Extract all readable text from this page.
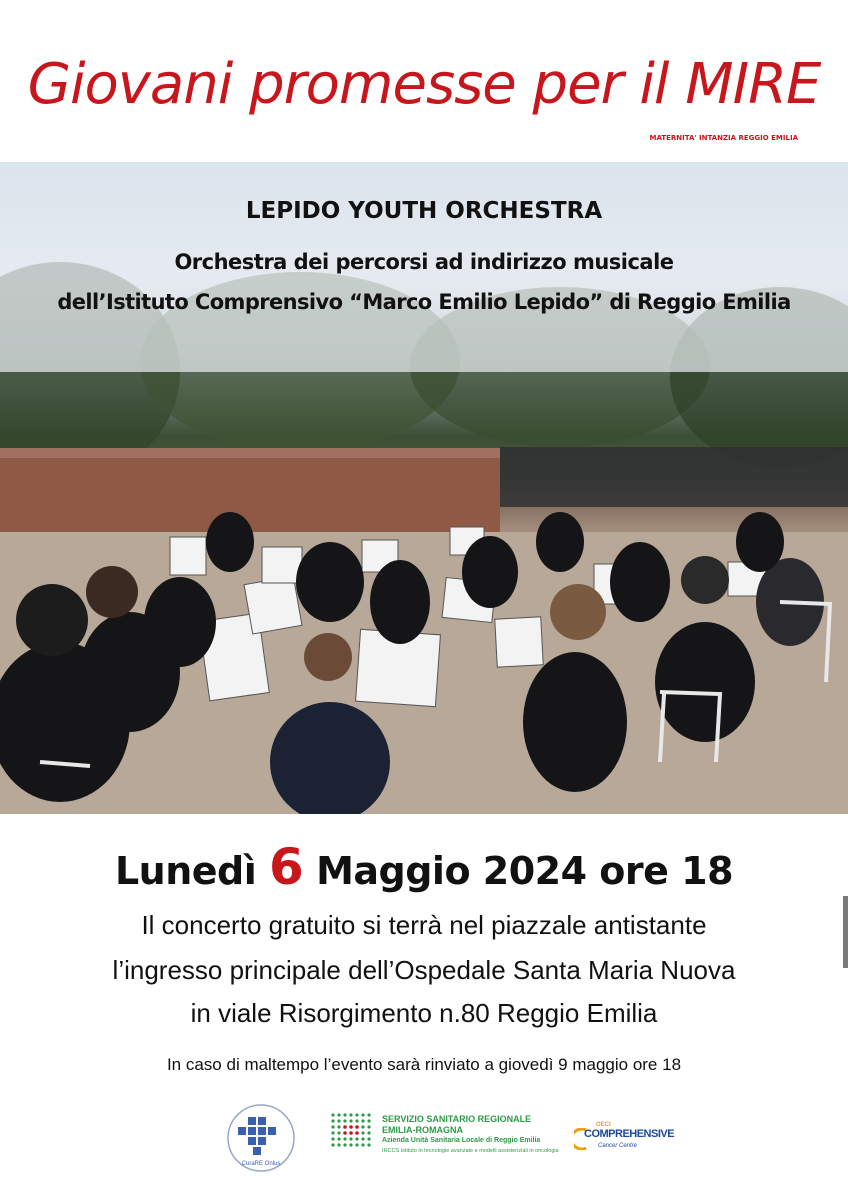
Giovani promesse per il MIRE
MATERNITA' INTANZIA REGGIO EMILIA
LEPIDO YOUTH ORCHESTRA
Orchestra dei percorsi ad indirizzo musicale
dell’Istituto Comprensivo “Marco Emilio Lepido” di Reggio Emilia
Lunedì 6 Maggio 2024 ore 18
Il concerto gratuito si terrà nel piazzale antistante
l’ingresso principale dell’Ospedale Santa Maria Nuova
in viale Risorgimento n.80 Reggio Emilia
In caso di maltempo l’evento sarà rinviato a giovedì 9 maggio ore 18
CuraRE Onlus
SERVIZIO SANITARIO REGIONALE
EMILIA-ROMAGNA
Azienda Unità Sanitaria Locale di Reggio Emilia
IRCCS Istituto in tecnologie avanzate e modelli assistenziali in oncologia
OECI
COMPREHENSIVE
Cancer Centre
